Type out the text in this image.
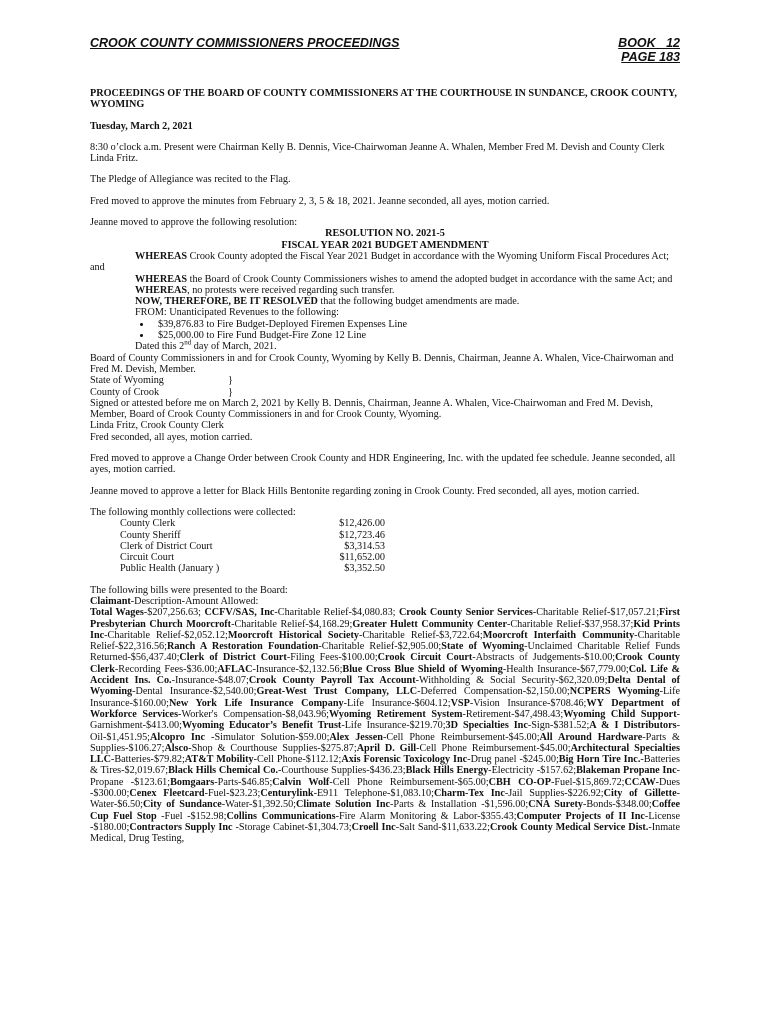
CROOK COUNTY COMMISSIONERS PROCEEDINGS	BOOK   12
PAGE 183

PROCEEDINGS OF THE BOARD OF COUNTY COMMISSIONERS AT THE COURTHOUSE IN SUNDANCE, CROOK COUNTY, WYOMING

Tuesday, March 2, 2021

8:30 o’clock a.m. Present were Chairman Kelly B. Dennis, Vice-Chairwoman Jeanne A. Whalen, Member Fred M. Devish and County Clerk Linda Fritz.

The Pledge of Allegiance was recited to the Flag.

Fred moved to approve the minutes from February 2, 3, 5 & 18, 2021. Jeanne seconded, all ayes, motion carried.

Jeanne moved to approve the following resolution:

RESOLUTION NO. 2021-5

FISCAL YEAR 2021 BUDGET AMENDMENT

WHEREAS Crook County adopted the Fiscal Year 2021 Budget in accordance with the Wyoming Uniform Fiscal Procedures Act; and

WHEREAS the Board of Crook County Commissioners wishes to amend the adopted budget in accordance with the same Act; and

WHEREAS, no protests were received regarding such transfer.

NOW, THEREFORE, BE IT RESOLVED that the following budget amendments are made.

FROM: Unanticipated Revenues to the following:

• $39,876.83 to Fire Budget-Deployed Firemen Expenses Line
• $25,000.00 to Fire Fund Budget-Fire Zone 12 Line

Dated this 2nd day of March, 2021.

Board of County Commissioners in and for Crook County, Wyoming by Kelly B. Dennis, Chairman, Jeanne A. Whalen, Vice-Chairwoman and Fred M. Devish, Member.

State of Wyoming	}
County of Crook	}

Signed or attested before me on March 2, 2021 by Kelly B. Dennis, Chairman, Jeanne A. Whalen, Vice-Chairwoman and Fred M. Devish, Member, Board of Crook County Commissioners in and for Crook County, Wyoming.

Linda Fritz, Crook County Clerk

Fred seconded, all ayes, motion carried.

Fred moved to approve a Change Order between Crook County and HDR Engineering, Inc. with the updated fee schedule. Jeanne seconded, all ayes, motion carried.

Jeanne moved to approve a letter for Black Hills Bentonite regarding zoning in Crook County. Fred seconded, all ayes, motion carried.

The following monthly collections were collected:

County Clerk	$12,426.00
County Sheriff	$12,723.46
Clerk of District Court	$3,314.53
Circuit Court	$11,652.00
Public Health (January )	$3,352.50

The following bills were presented to the Board:

Claimant-Description-Amount Allowed:

Total Wages-$207,256.63; CCFV/SAS, Inc-Charitable Relief-$4,080.83; Crook County Senior Services-Charitable Relief-$17,057.21;First Presbyterian Church Moorcroft-Charitable Relief-$4,168.29;Greater Hulett Community Center-Charitable Relief-$37,958.37;Kid Prints Inc-Charitable Relief-$2,052.12;Moorcroft Historical Society-Charitable Relief-$3,722.64;Moorcroft Interfaith Community-Charitable Relief-$22,316.56;Ranch A Restoration Foundation-Charitable Relief-$2,905.00;State of Wyoming-Unclaimed Charitable Relief Funds Returned-$56,437.40;Clerk of District Court-Filing Fees-$100.00;Crook Circuit Court-Abstracts of Judgements-$10.00;Crook County Clerk-Recording Fees-$36.00;AFLAC-Insurance-$2,132.56;Blue Cross Blue Shield of Wyoming-Health Insurance-$67,779.00;Col. Life & Accident Ins. Co.-Insurance-$48.07;Crook County Payroll Tax Account-Withholding & Social Security-$62,320.09;Delta Dental of Wyoming-Dental Insurance-$2,540.00;Great-West Trust Company, LLC-Deferred Compensation-$2,150.00;NCPERS Wyoming-Life Insurance-$160.00;New York Life Insurance Company-Life Insurance-$604.12;VSP-Vision Insurance-$708.46;WY Department of Workforce Services-Worker's Compensation-$8,043.96;Wyoming Retirement System-Retirement-$47,498.43;Wyoming Child Support-Garnishment-$413.00;Wyoming Educator’s Benefit Trust-Life Insurance-$219.70;3D Specialties Inc-Sign-$381.52;A & I Distributors-Oil-$1,451.95;Alcopro Inc -Simulator Solution-$59.00;Alex Jessen-Cell Phone Reimbursement-$45.00;All Around Hardware-Parts & Supplies-$106.27;Alsco-Shop & Courthouse Supplies-$275.87;April D. Gill-Cell Phone Reimbursement-$45.00;Architectural Specialties LLC-Batteries-$79.82;AT&T Mobility-Cell Phone-$112.12;Axis Forensic Toxicology Inc-Drug panel -$245.00;Big Horn Tire Inc.-Batteries & Tires-$2,019.67;Black Hills Chemical Co.-Courthouse Supplies-$436.23;Black Hills Energy-Electricity -$157.62;Blakeman Propane Inc-Propane -$123.61;Bomgaars-Parts-$46.85;Calvin Wolf-Cell Phone Reimbursement-$65.00;CBH CO-OP-Fuel-$15,869.72;CCAW-Dues -$300.00;Cenex Fleetcard-Fuel-$23.23;Centurylink-E911 Telephone-$1,083.10;Charm-Tex Inc-Jail Supplies-$226.92;City of Gillette-Water-$6.50;City of Sundance-Water-$1,392.50;Climate Solution Inc-Parts & Installation -$1,596.00;CNA Surety-Bonds-$348.00;Coffee Cup Fuel Stop -Fuel -$152.98;Collins Communications-Fire Alarm Monitoring & Labor-$355.43;Computer Projects of II Inc-License -$180.00;Contractors Supply Inc -Storage Cabinet-$1,304.73;Croell Inc-Salt Sand-$11,633.22;Crook County Medical Service Dist.-Inmate Medical, Drug Testing,
